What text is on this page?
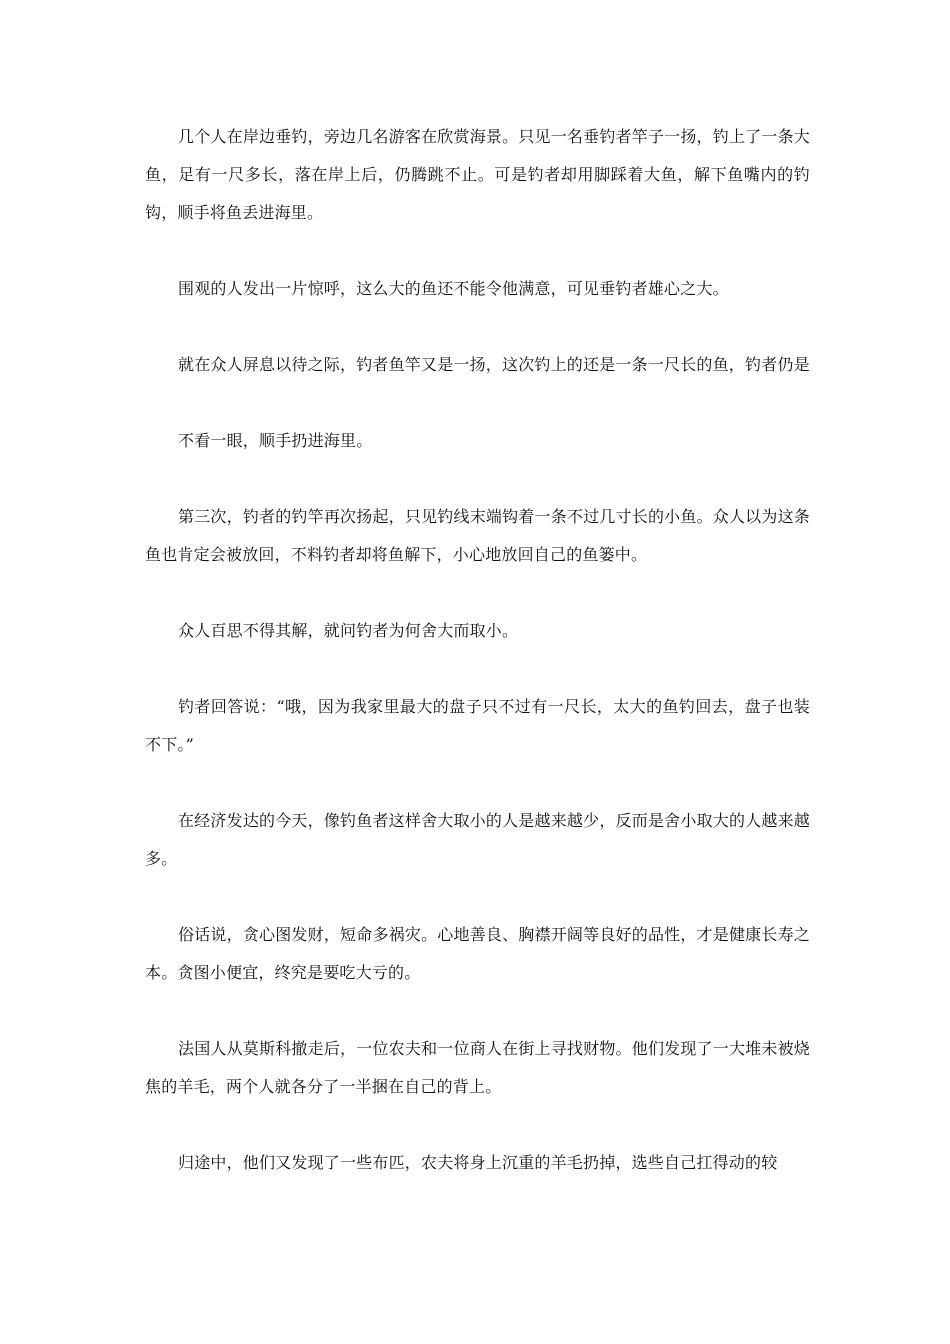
几个人在岸边垂钓，旁边几名游客在欣赏海景。只见一名垂钓者竿子一扬，钓上了一条大鱼，足有一尺多长，落在岸上后，仍腾跳不止。可是钓者却用脚踩着大鱼，解下鱼嘴内的钓钩，顺手将鱼丢进海里。

围观的人发出一片惊呼，这么大的鱼还不能令他满意，可见垂钓者雄心之大。

就在众人屏息以待之际，钓者鱼竿又是一扬，这次钓上的还是一条一尺长的鱼，钓者仍是

不看一眼，顺手扔进海里。

第三次，钓者的钓竿再次扬起，只见钓线末端钩着一条不过几寸长的小鱼。众人以为这条鱼也肯定会被放回，不料钓者却将鱼解下，小心地放回自己的鱼篓中。

众人百思不得其解，就问钓者为何舍大而取小。

钓者回答说：“哦，因为我家里最大的盘子只不过有一尺长，太大的鱼钓回去，盘子也装不下。”

在经济发达的今天，像钓鱼者这样舍大取小的人是越来越少，反而是舍小取大的人越来越多。

俗话说，贪心图发财，短命多祸灾。心地善良、胸襟开阔等良好的品性，才是健康长寿之本。贪图小便宜，终究是要吃大亏的。

法国人从莫斯科撤走后，一位农夫和一位商人在街上寻找财物。他们发现了一大堆未被烧焦的羊毛，两个人就各分了一半捆在自己的背上。

归途中，他们又发现了一些布匹，农夫将身上沉重的羊毛扔掉，选些自己扛得动的较
